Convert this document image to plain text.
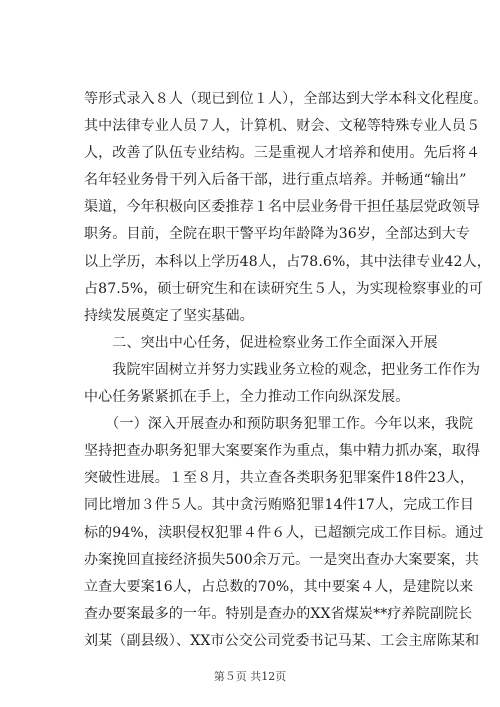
等形式录入８人（现已到位１人），全部达到大学本科文化程度。
其中法律专业人员７人，计算机、财会、文秘等特殊专业人员５
人，改善了队伍专业结构。三是重视人才培养和使用。先后将４
名年轻业务骨干列入后备干部，进行重点培养。并畅通“输出”
渠道，今年积极向区委推荐１名中层业务骨干担任基层党政领导
职务。目前，全院在职干警平均年龄降为36岁，全部达到大专
以上学历，本科以上学历48人，占78.6%，其中法律专业42人，
占87.5%，硕士研究生和在读研究生５人，为实现检察事业的可
持续发展奠定了坚实基础。
　　二、突出中心任务，促进检察业务工作全面深入开展
　　我院牢固树立并努力实践业务立检的观念，把业务工作作为
中心任务紧紧抓在手上，全力推动工作向纵深发展。
　　（一）深入开展查办和预防职务犯罪工作。今年以来，我院
坚持把查办职务犯罪大案要案作为重点，集中精力抓办案，取得
突破性进展。１至８月，共立查各类职务犯罪案件18件23人，
同比增加３件５人。其中贪污贿赂犯罪14件17人，完成工作目
标的94%，渎职侵权犯罪４件６人，已超额完成工作目标。通过
办案挽回直接经济损失500余万元。一是突出查办大案要案，共
立查大要案16人，占总数的70%，其中要案４人，是建院以来
查办要案最多的一年。特别是查办的XX省煤炭**疗养院副院长
刘某（副县级）、XX市公交公司党委书记马某、工会主席陈某和
第５页 共12页
